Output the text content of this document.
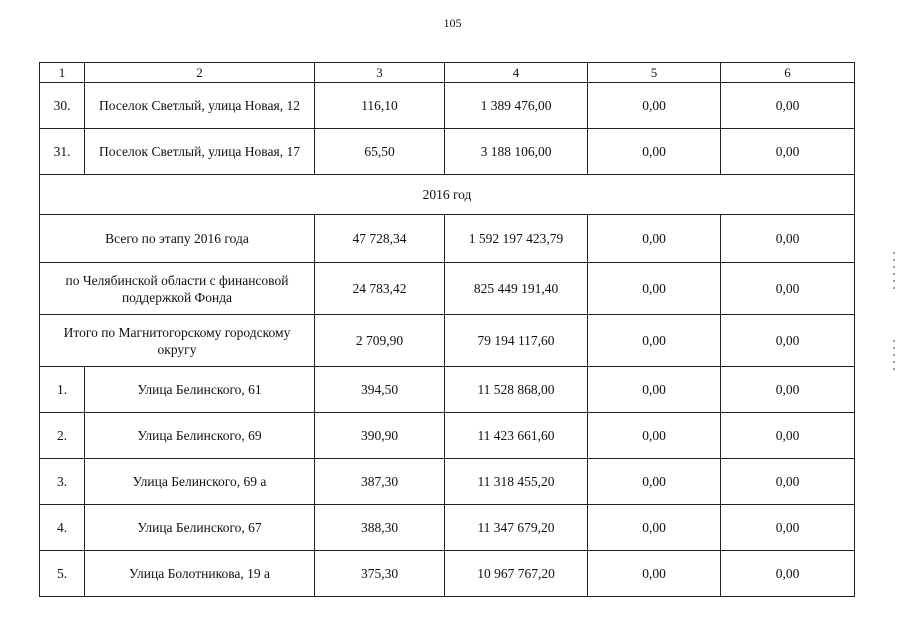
105
1	2	3	4	5	6
30.	Поселок Светлый, улица Новая, 12	116,10	1 389 476,00	0,00	0,00
31.	Поселок Светлый, улица Новая, 17	65,50	3 188 106,00	0,00	0,00
2016 год					
Всего по этапу 2016 года		47 728,34	1 592 197 423,79	0,00	0,00
по Челябинской области с финансовой поддержкой Фонда		24 783,42	825 449 191,40	0,00	0,00
Итого по Магнитогорскому городскому округу		2 709,90	79 194 117,60	0,00	0,00
1.	Улица Белинского, 61	394,50	11 528 868,00	0,00	0,00
2.	Улица Белинского, 69	390,90	11 423 661,60	0,00	0,00
3.	Улица Белинского, 69 а	387,30	11 318 455,20	0,00	0,00
4.	Улица Белинского, 67	388,30	11 347 679,20	0,00	0,00
5.	Улица Болотникова, 19 а	375,30	10 967 767,20	0,00	0,00
